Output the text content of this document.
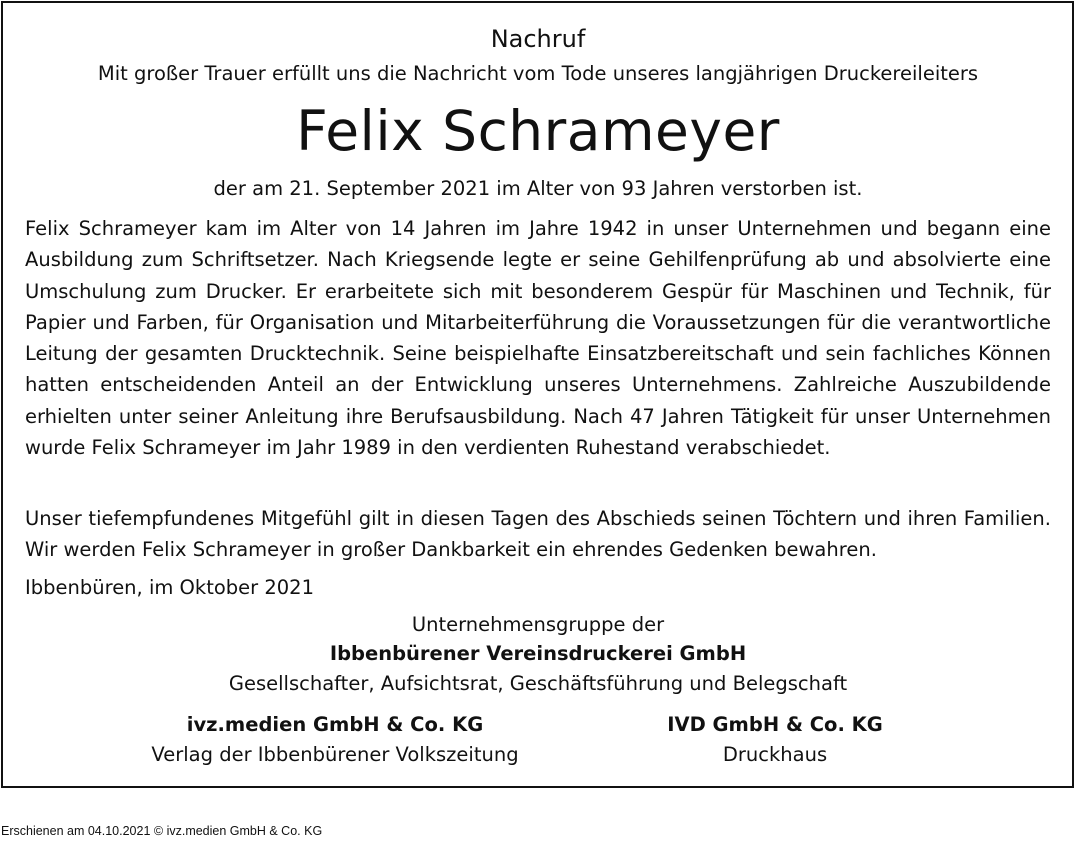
Nachruf
Mit großer Trauer erfüllt uns die Nachricht vom Tode unseres langjährigen Druckereileiters
Felix Schrameyer
der am 21. September 2021 im Alter von 93 Jahren verstorben ist.

Felix Schrameyer kam im Alter von 14 Jahren im Jahre 1942 in unser Unternehmen und begann eine Ausbildung zum Schriftsetzer. Nach Kriegsende legte er seine Gehilfenprüfung ab und absolvierte eine Umschulung zum Drucker. Er erarbeitete sich mit besonderem Gespür für Maschinen und Technik, für Papier und Farben, für Organisation und Mitarbeiterführung die Voraussetzungen für die verantwortliche Leitung der gesamten Drucktechnik. Seine beispielhafte Einsatzbereitschaft und sein fachliches Können hatten entscheidenden Anteil an der Entwicklung unseres Unternehmens. Zahlreiche Auszubildende erhielten unter seiner Anleitung ihre Berufsausbildung. Nach 47 Jahren Tätigkeit für unser Unternehmen wurde Felix Schrameyer im Jahr 1989 in den verdienten Ruhestand verabschiedet.

Unser tiefempfundenes Mitgefühl gilt in diesen Tagen des Abschieds seinen Töchtern und ihren Familien. Wir werden Felix Schrameyer in großer Dankbarkeit ein ehrendes Gedenken bewahren.

Ibbenbüren, im Oktober 2021
Unternehmensgruppe der
Ibbenbürener Vereinsdruckerei GmbH
Gesellschafter, Aufsichtsrat, Geschäftsführung und Belegschaft
ivz.medien GmbH & Co. KG
Verlag der Ibbenbürener Volkszeitung
IVD GmbH & Co. KG
Druckhaus
Erschienen am 04.10.2021 © ivz.medien GmbH & Co. KG
